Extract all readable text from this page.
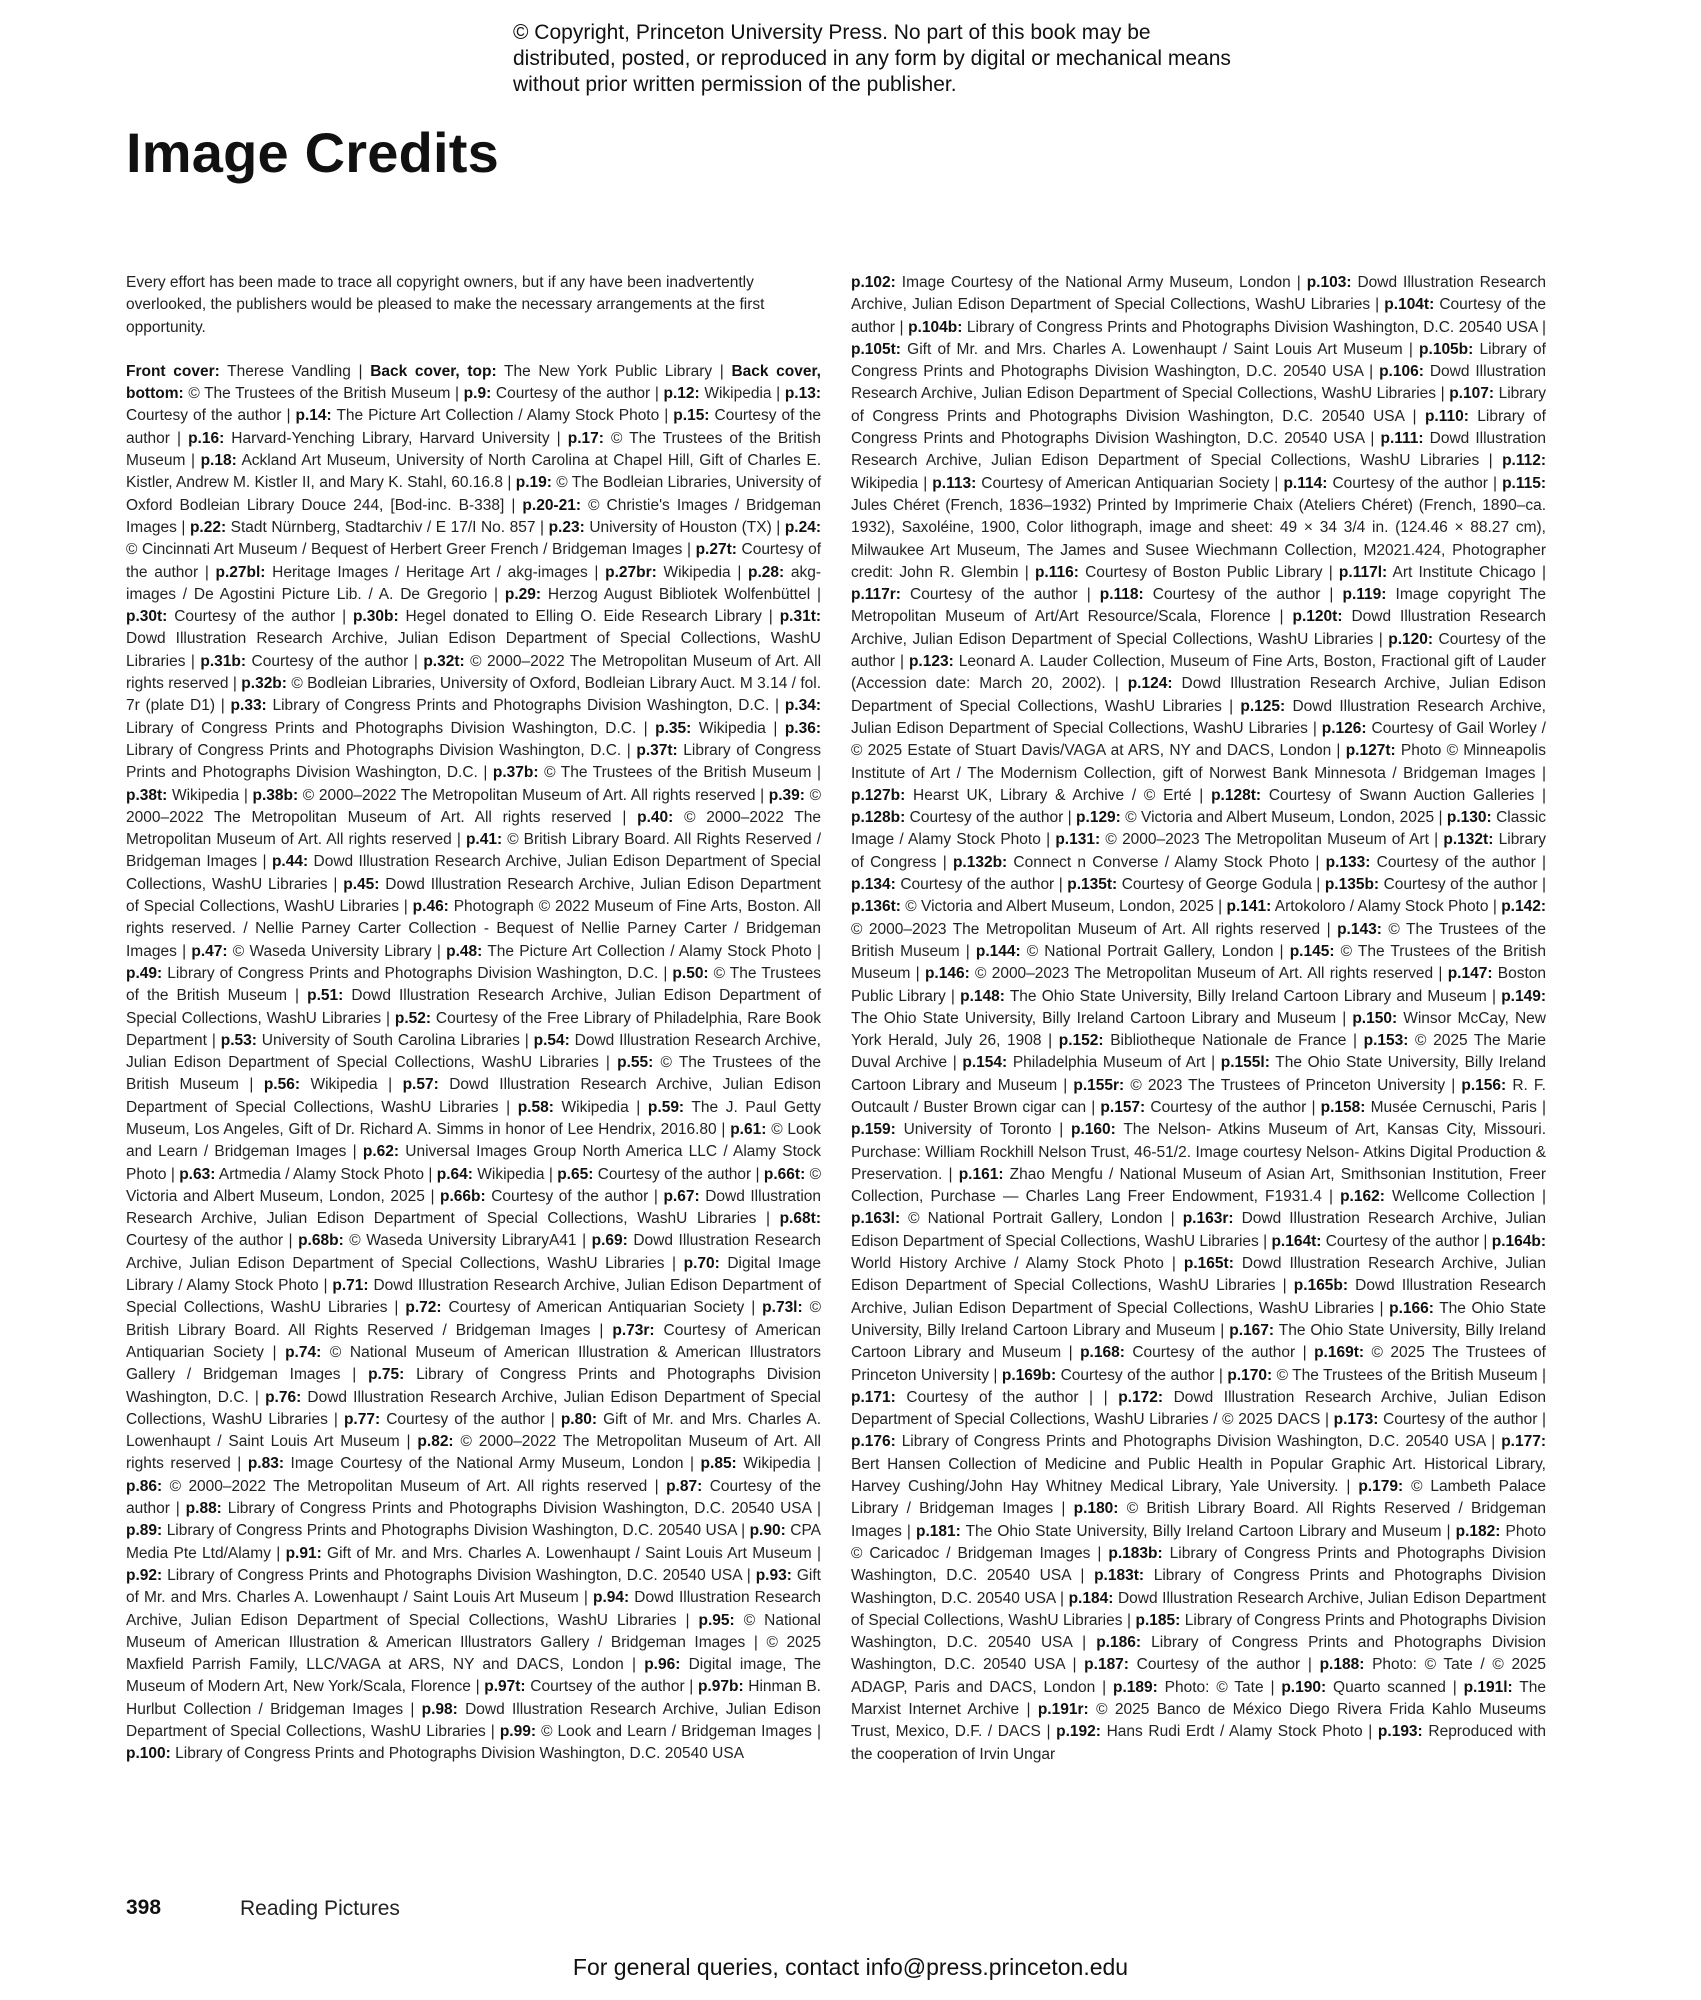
© Copyright, Princeton University Press. No part of this book may be distributed, posted, or reproduced in any form by digital or mechanical means without prior written permission of the publisher.
Image Credits

Every effort has been made to trace all copyright owners, but if any have been inadvertently overlooked, the publishers would be pleased to make the necessary arrangements at the first opportunity.

Front cover: Therese Vandling | Back cover, top: The New York Public Library | Back cover, bottom: © The Trustees of the British Museum | p.9: Courtesy of the author | p.12: Wikipedia | p.13: Courtesy of the author | p.14: The Picture Art Collection / Alamy Stock Photo | p.15: Courtesy of the author | p.16: Harvard-Yenching Library, Harvard University | p.17: © The Trustees of the British Museum | p.18: Ackland Art Museum, University of North Carolina at Chapel Hill, Gift of Charles E. Kistler, Andrew M. Kistler II, and Mary K. Stahl, 60.16.8 | p.19: © The Bodleian Libraries, University of Oxford Bodleian Library Douce 244, [Bod-inc. B-338] | p.20-21: © Christie's Images / Bridgeman Images | p.22: Stadt Nürnberg, Stadtarchiv / E 17/I No. 857 | p.23: University of Houston (TX) | p.24: © Cincinnati Art Museum / Bequest of Herbert Greer French / Bridgeman Images | p.27t: Courtesy of the author | p.27bl: Heritage Images / Heritage Art / akg-images | p.27br: Wikipedia | p.28: akg-images / De Agostini Picture Lib. / A. De Gregorio | p.29: Herzog August Bibliotek Wolfenbüttel | p.30t: Courtesy of the author | p.30b: Hegel donated to Elling O. Eide Research Library | p.31t: Dowd Illustration Research Archive, Julian Edison Department of Special Collections, WashU Libraries | p.31b: Courtesy of the author | p.32t: © 2000–2022 The Metropolitan Museum of Art. All rights reserved | p.32b: © Bodleian Libraries, University of Oxford, Bodleian Library Auct. M 3.14 / fol. 7r (plate D1) | p.33: Library of Congress Prints and Photographs Division Washington, D.C. | p.34: Library of Congress Prints and Photographs Division Washington, D.C. | p.35: Wikipedia | p.36: Library of Congress Prints and Photographs Division Washington, D.C. | p.37t: Library of Congress Prints and Photographs Division Washington, D.C. | p.37b: © The Trustees of the British Museum | p.38t: Wikipedia | p.38b: © 2000–2022 The Metropolitan Museum of Art. All rights reserved | p.39: © 2000–2022 The Metropolitan Museum of Art. All rights reserved | p.40: © 2000–2022 The Metropolitan Museum of Art. All rights reserved | p.41: © British Library Board. All Rights Reserved / Bridgeman Images | p.44: Dowd Illustration Research Archive, Julian Edison Department of Special Collections, WashU Libraries | p.45: Dowd Illustration Research Archive, Julian Edison Department of Special Collections, WashU Libraries | p.46: Photograph © 2022 Museum of Fine Arts, Boston. All rights reserved. / Nellie Parney Carter Collection - Bequest of Nellie Parney Carter / Bridgeman Images | p.47: © Waseda University Library | p.48: The Picture Art Collection / Alamy Stock Photo | p.49: Library of Congress Prints and Photographs Division Washington, D.C. | p.50: © The Trustees of the British Museum | p.51: Dowd Illustration Research Archive, Julian Edison Department of Special Collections, WashU Libraries | p.52: Courtesy of the Free Library of Philadelphia, Rare Book Department | p.53: University of South Carolina Libraries | p.54: Dowd Illustration Research Archive, Julian Edison Department of Special Collections, WashU Libraries | p.55: © The Trustees of the British Museum | p.56: Wikipedia | p.57: Dowd Illustration Research Archive, Julian Edison Department of Special Collections, WashU Libraries | p.58: Wikipedia | p.59: The J. Paul Getty Museum, Los Angeles, Gift of Dr. Richard A. Simms in honor of Lee Hendrix, 2016.80 | p.61: © Look and Learn / Bridgeman Images | p.62: Universal Images Group North America LLC / Alamy Stock Photo | p.63: Artmedia / Alamy Stock Photo | p.64: Wikipedia | p.65: Courtesy of the author | p.66t: © Victoria and Albert Museum, London, 2025 | p.66b: Courtesy of the author | p.67: Dowd Illustration Research Archive, Julian Edison Department of Special Collections, WashU Libraries | p.68t: Courtesy of the author | p.68b: © Waseda University LibraryA41 | p.69: Dowd Illustration Research Archive, Julian Edison Department of Special Collections, WashU Libraries | p.70: Digital Image Library / Alamy Stock Photo | p.71: Dowd Illustration Research Archive, Julian Edison Department of Special Collections, WashU Libraries | p.72: Courtesy of American Antiquarian Society | p.73l: © British Library Board. All Rights Reserved / Bridgeman Images | p.73r: Courtesy of American Antiquarian Society | p.74: © National Museum of American Illustration & American Illustrators Gallery / Bridgeman Images | p.75: Library of Congress Prints and Photographs Division Washington, D.C. | p.76: Dowd Illustration Research Archive, Julian Edison Department of Special Collections, WashU Libraries | p.77: Courtesy of the author | p.80: Gift of Mr. and Mrs. Charles A. Lowenhaupt / Saint Louis Art Museum | p.82: © 2000–2022 The Metropolitan Museum of Art. All rights reserved | p.83: Image Courtesy of the National Army Museum, London | p.85: Wikipedia | p.86: © 2000–2022 The Metropolitan Museum of Art. All rights reserved | p.87: Courtesy of the author | p.88: Library of Congress Prints and Photographs Division Washington, D.C. 20540 USA | p.89: Library of Congress Prints and Photographs Division Washington, D.C. 20540 USA | p.90: CPA Media Pte Ltd/Alamy | p.91: Gift of Mr. and Mrs. Charles A. Lowenhaupt / Saint Louis Art Museum | p.92: Library of Congress Prints and Photographs Division Washington, D.C. 20540 USA | p.93: Gift of Mr. and Mrs. Charles A. Lowenhaupt / Saint Louis Art Museum | p.94: Dowd Illustration Research Archive, Julian Edison Department of Special Collections, WashU Libraries | p.95: © National Museum of American Illustration & American Illustrators Gallery / Bridgeman Images | © 2025 Maxfield Parrish Family, LLC/VAGA at ARS, NY and DACS, London | p.96: Digital image, The Museum of Modern Art, New York/Scala, Florence | p.97t: Courtsey of the author | p.97b: Hinman B. Hurlbut Collection / Bridgeman Images | p.98: Dowd Illustration Research Archive, Julian Edison Department of Special Collections, WashU Libraries | p.99: © Look and Learn / Bridgeman Images | p.100: Library of Congress Prints and Photographs Division Washington, D.C. 20540 USA

p.102: Image Courtesy of the National Army Museum, London | p.103: Dowd Illustration Research Archive, Julian Edison Department of Special Collections, WashU Libraries | p.104t: Courtesy of the author | p.104b: Library of Congress Prints and Photographs Division Washington, D.C. 20540 USA | p.105t: Gift of Mr. and Mrs. Charles A. Lowenhaupt / Saint Louis Art Museum | p.105b: Library of Congress Prints and Photographs Division Washington, D.C. 20540 USA | p.106: Dowd Illustration Research Archive, Julian Edison Department of Special Collections, WashU Libraries | p.107: Library of Congress Prints and Photographs Division Washington, D.C. 20540 USA | p.110: Library of Congress Prints and Photographs Division Washington, D.C. 20540 USA | p.111: Dowd Illustration Research Archive, Julian Edison Department of Special Collections, WashU Libraries | p.112: Wikipedia | p.113: Courtesy of American Antiquarian Society | p.114: Courtesy of the author | p.115: Jules Chéret (French, 1836–1932) Printed by Imprimerie Chaix (Ateliers Chéret) (French, 1890–ca. 1932), Saxoléine, 1900, Color lithograph, image and sheet: 49 × 34 3/4 in. (124.46 × 88.27 cm), Milwaukee Art Museum, The James and Susee Wiechmann Collection, M2021.424, Photographer credit: John R. Glembin | p.116: Courtesy of Boston Public Library | p.117l: Art Institute Chicago | p.117r: Courtesy of the author | p.118: Courtesy of the author | p.119: Image copyright The Metropolitan Museum of Art/Art Resource/Scala, Florence | p.120t: Dowd Illustration Research Archive, Julian Edison Department of Special Collections, WashU Libraries | p.120: Courtesy of the author | p.123: Leonard A. Lauder Collection, Museum of Fine Arts, Boston, Fractional gift of Lauder (Accession date: March 20, 2002). | p.124: Dowd Illustration Research Archive, Julian Edison Department of Special Collections, WashU Libraries | p.125: Dowd Illustration Research Archive, Julian Edison Department of Special Collections, WashU Libraries | p.126: Courtesy of Gail Worley / © 2025 Estate of Stuart Davis/VAGA at ARS, NY and DACS, London | p.127t: Photo © Minneapolis Institute of Art / The Modernism Collection, gift of Norwest Bank Minnesota / Bridgeman Images | p.127b: Hearst UK, Library & Archive / © Erté | p.128t: Courtesy of Swann Auction Galleries | p.128b: Courtesy of the author | p.129: © Victoria and Albert Museum, London, 2025 | p.130: Classic Image / Alamy Stock Photo | p.131: © 2000–2023 The Metropolitan Museum of Art | p.132t: Library of Congress | p.132b: Connect n Converse / Alamy Stock Photo | p.133: Courtesy of the author | p.134: Courtesy of the author | p.135t: Courtesy of George Godula | p.135b: Courtesy of the author | p.136t: © Victoria and Albert Museum, London, 2025 | p.141: Artokoloro / Alamy Stock Photo | p.142: © 2000–2023 The Metropolitan Museum of Art. All rights reserved | p.143: © The Trustees of the British Museum | p.144: © National Portrait Gallery, London | p.145: © The Trustees of the British Museum | p.146: © 2000–2023 The Metropolitan Museum of Art. All rights reserved | p.147: Boston Public Library | p.148: The Ohio State University, Billy Ireland Cartoon Library and Museum | p.149: The Ohio State University, Billy Ireland Cartoon Library and Museum | p.150: Winsor McCay, New York Herald, July 26, 1908 | p.152: Bibliotheque Nationale de France | p.153: © 2025 The Marie Duval Archive | p.154: Philadelphia Museum of Art | p.155l: The Ohio State University, Billy Ireland Cartoon Library and Museum | p.155r: © 2023 The Trustees of Princeton University | p.156: R. F. Outcault / Buster Brown cigar can | p.157: Courtesy of the author | p.158: Musée Cernuschi, Paris | p.159: University of Toronto | p.160: The Nelson- Atkins Museum of Art, Kansas City, Missouri. Purchase: William Rockhill Nelson Trust, 46-51/2. Image courtesy Nelson- Atkins Digital Production & Preservation. | p.161: Zhao Mengfu / National Museum of Asian Art, Smithsonian Institution, Freer Collection, Purchase — Charles Lang Freer Endowment, F1931.4 | p.162: Wellcome Collection | p.163l: © National Portrait Gallery, London | p.163r: Dowd Illustration Research Archive, Julian Edison Department of Special Collections, WashU Libraries | p.164t: Courtesy of the author | p.164b: World History Archive / Alamy Stock Photo | p.165t: Dowd Illustration Research Archive, Julian Edison Department of Special Collections, WashU Libraries | p.165b: Dowd Illustration Research Archive, Julian Edison Department of Special Collections, WashU Libraries | p.166: The Ohio State University, Billy Ireland Cartoon Library and Museum | p.167: The Ohio State University, Billy Ireland Cartoon Library and Museum | p.168: Courtesy of the author | p.169t: © 2025 The Trustees of Princeton University | p.169b: Courtesy of the author | p.170: © The Trustees of the British Museum | p.171: Courtesy of the author | | p.172: Dowd Illustration Research Archive, Julian Edison Department of Special Collections, WashU Libraries / © 2025 DACS | p.173: Courtesy of the author | p.176: Library of Congress Prints and Photographs Division Washington, D.C. 20540 USA | p.177: Bert Hansen Collection of Medicine and Public Health in Popular Graphic Art. Historical Library, Harvey Cushing/John Hay Whitney Medical Library, Yale University. | p.179: © Lambeth Palace Library / Bridgeman Images | p.180: © British Library Board. All Rights Reserved / Bridgeman Images | p.181: The Ohio State University, Billy Ireland Cartoon Library and Museum | p.182: Photo © Caricadoc / Bridgeman Images | p.183b: Library of Congress Prints and Photographs Division Washington, D.C. 20540 USA | p.183t: Library of Congress Prints and Photographs Division Washington, D.C. 20540 USA | p.184: Dowd Illustration Research Archive, Julian Edison Department of Special Collections, WashU Libraries | p.185: Library of Congress Prints and Photographs Division Washington, D.C. 20540 USA | p.186: Library of Congress Prints and Photographs Division Washington, D.C. 20540 USA | p.187: Courtesy of the author | p.188: Photo: © Tate / © 2025 ADAGP, Paris and DACS, London | p.189: Photo: © Tate | p.190: Quarto scanned | p.191l: The Marxist Internet Archive | p.191r: © 2025 Banco de México Diego Rivera Frida Kahlo Museums Trust, Mexico, D.F. / DACS | p.192: Hans Rudi Erdt / Alamy Stock Photo | p.193: Reproduced with the cooperation of Irvin Ungar

398	Reading Pictures
For general queries, contact info@press.princeton.edu
